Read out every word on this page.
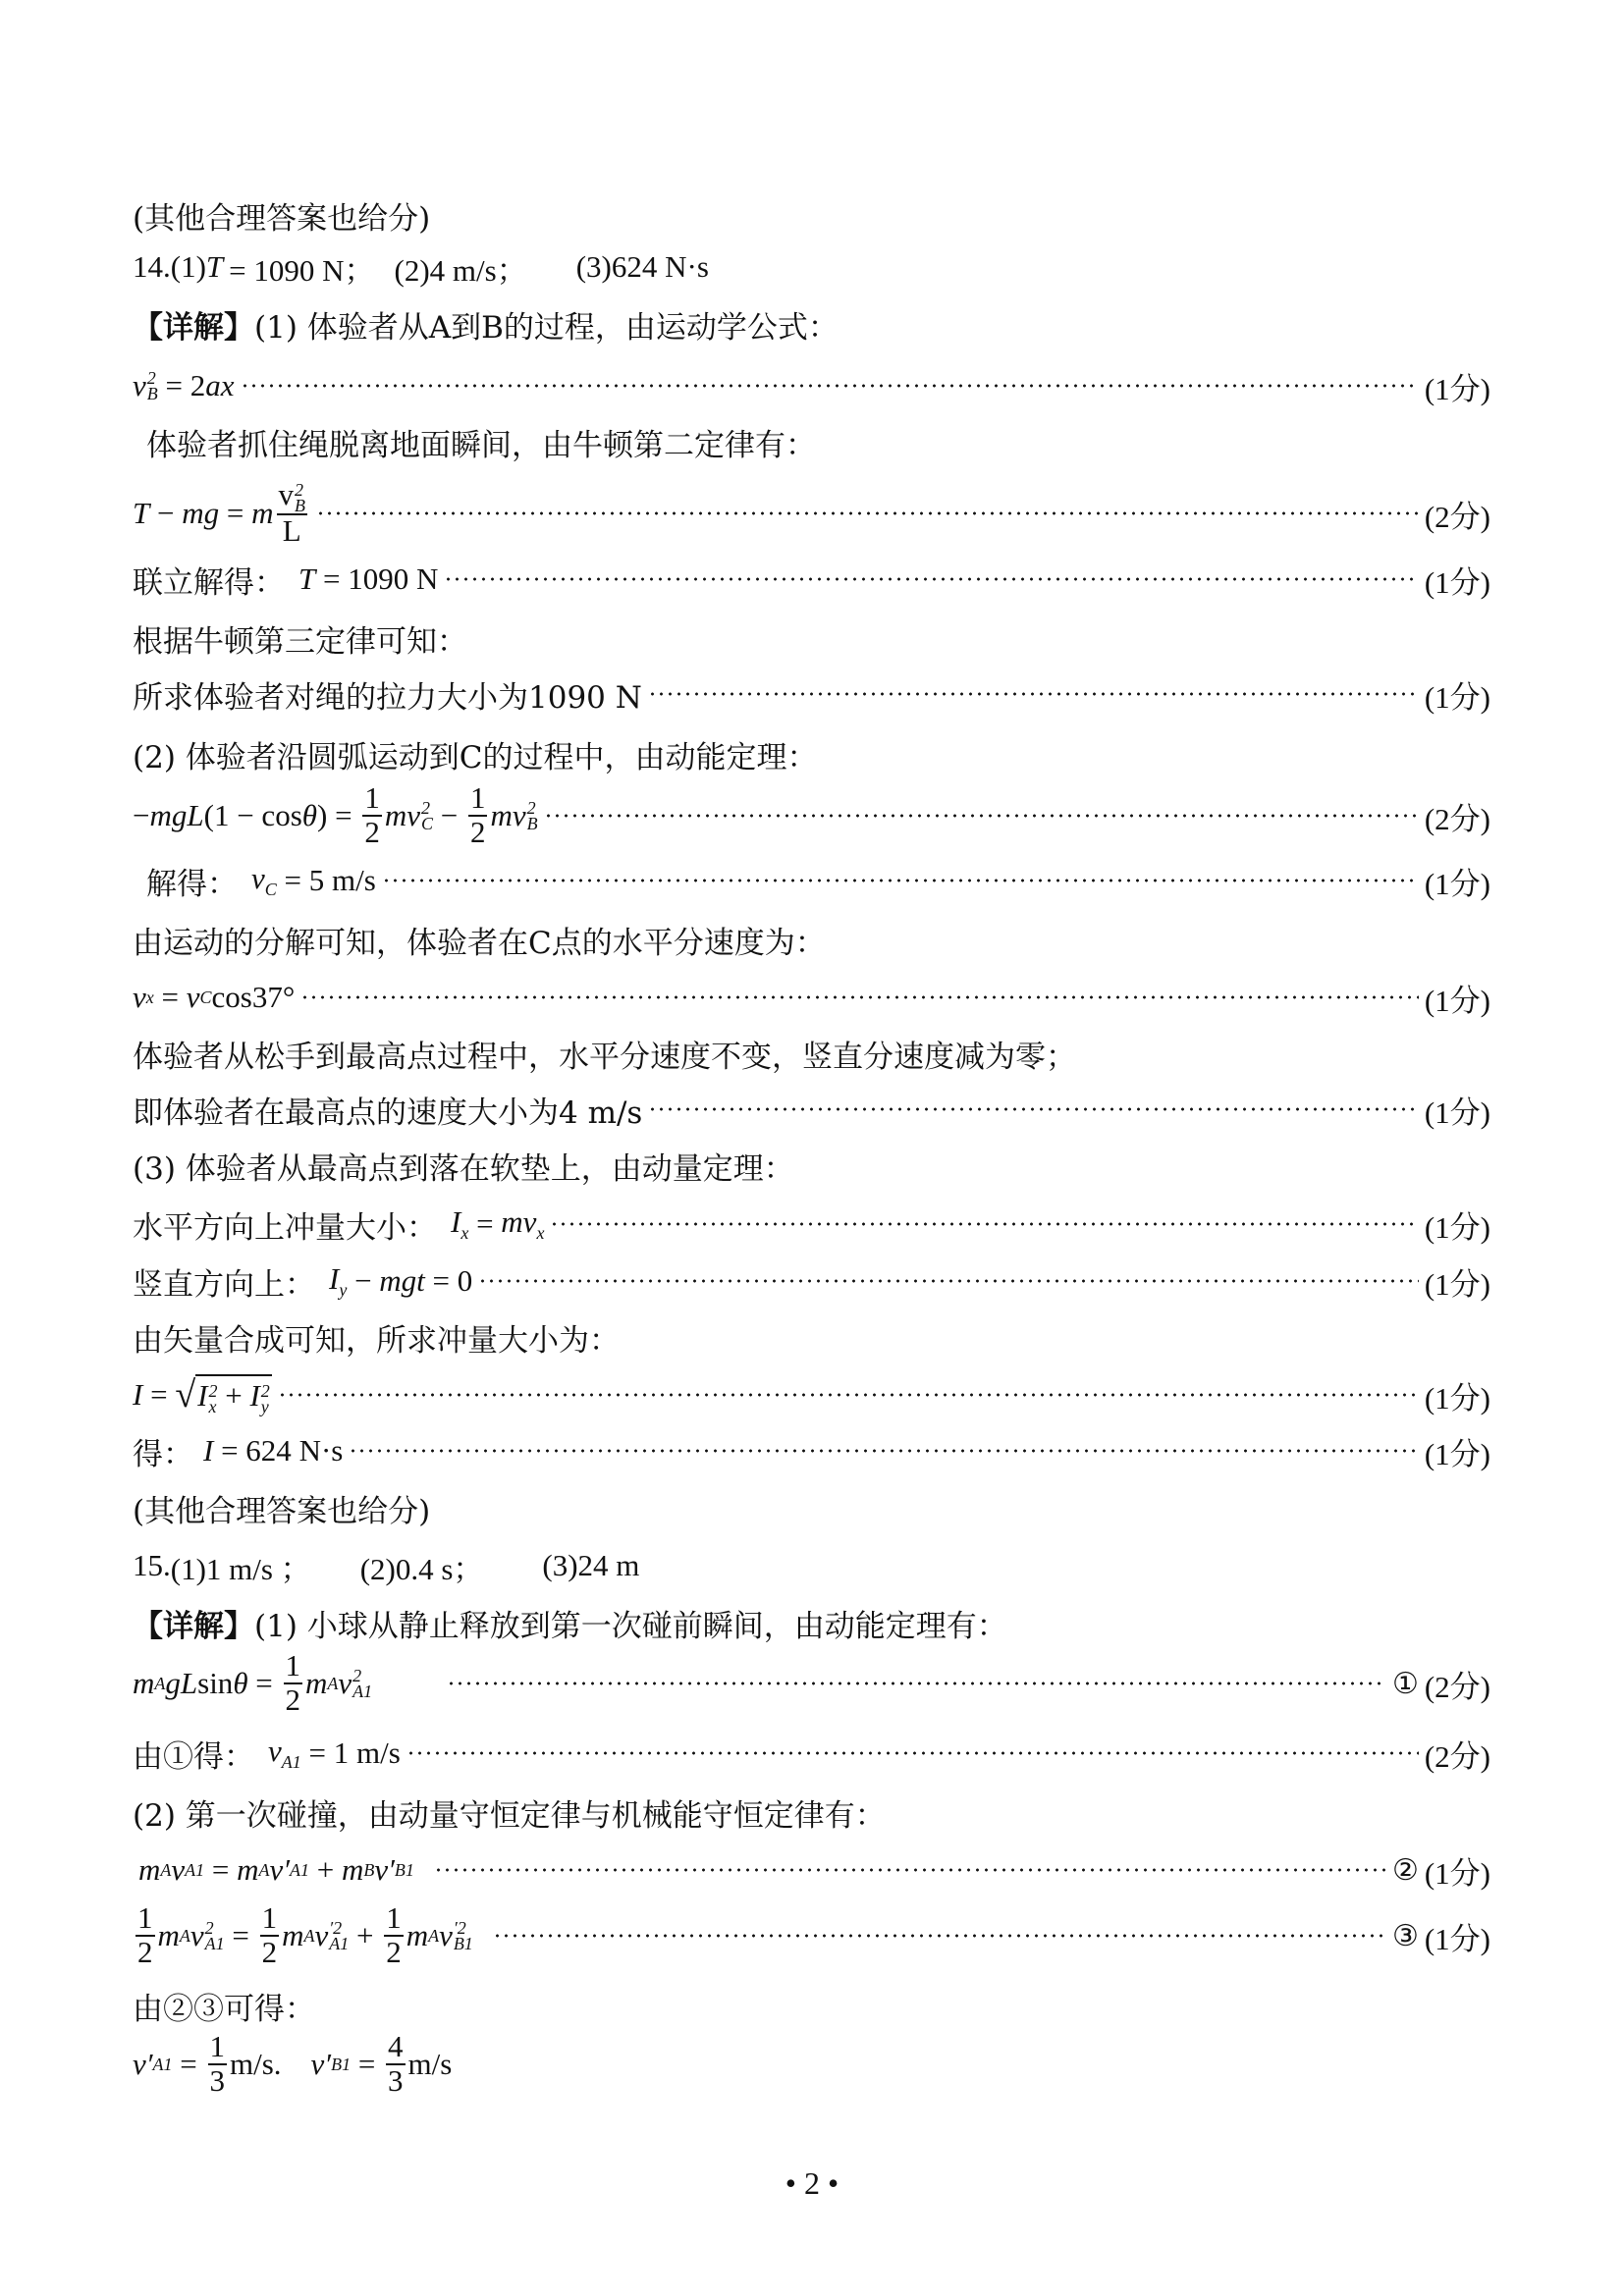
(其他合理答案也给分)
14. (1) T = 1090 N； (2)4 m/s； (3)624 N·s
【详解】 (1) 体验者从A到B的过程，由运动学公式：
v 2
B = 2 ax	(1分)
体验者抓住绳脱离地面瞬间，由牛顿第二定律有：
T − mg = m v 2
B
L	(2分)
联立解得： T = 1090 N	(1分)
根据牛顿第三定律可知：
所求体验者对绳的拉力大小为1090 N	(1分)
(2) 体验者沿圆弧运动到C的过程中，由动能定理：
− mgL (1 − cos θ ) = $\frac{1}{2}$ mv 2
$C - \frac{1}{2}$ mv 2
B	(2分)
解得： $v_C = 5$ m/s	(1分)
由运动的分解可知，体验者在C点的水平分速度为：
v x = v C cos37°	(1分)
体验者从松手到最高点过程中，水平分速度不变，竖直分速度减为零；
即体验者在最高点的速度大小为4 m/s	(1分)
(3) 体验者从最高点到落在软垫上，由动量定理：
水平方向上冲量大小： $I_x = mv_x$	(1分)
竖直方向上： $I_y$ − mgt = 0	(1分)
由矢量合成可知，所求冲量大小为：
I = √ I 2
x + I 2
y	(1分)
得： I = 624 N·s	(1分)
(其他合理答案也给分)
15. (1)1 m/s ； (2)0.4 s； (3)24 m
【详解】 (1) 小球从静止释放到第一次碰前瞬间，由动能定理有：
m A gL $\sin \theta = \frac{1}{2}$ m A v 2
A1	① (2分)
由①得： $v_{A1} = 1$ m/s	(2分)
(2) 第一次碰撞，由动量守恒定律与机械能守恒定律有：
m A v A1 = m A v′ A1 + m B v′ B1	② (1分)
$\frac{1}{2}$ m A v 2
$A1 = \frac{1}{2}$ m A v ′2
$A1 + \frac{1}{2}$ m A v ′2
B1	③ (1分)
由②③可得：
v′ $A1 = \frac{1}{3} m/s$. v′ $B1 = \frac{4}{3} m/s$
• 2 •
